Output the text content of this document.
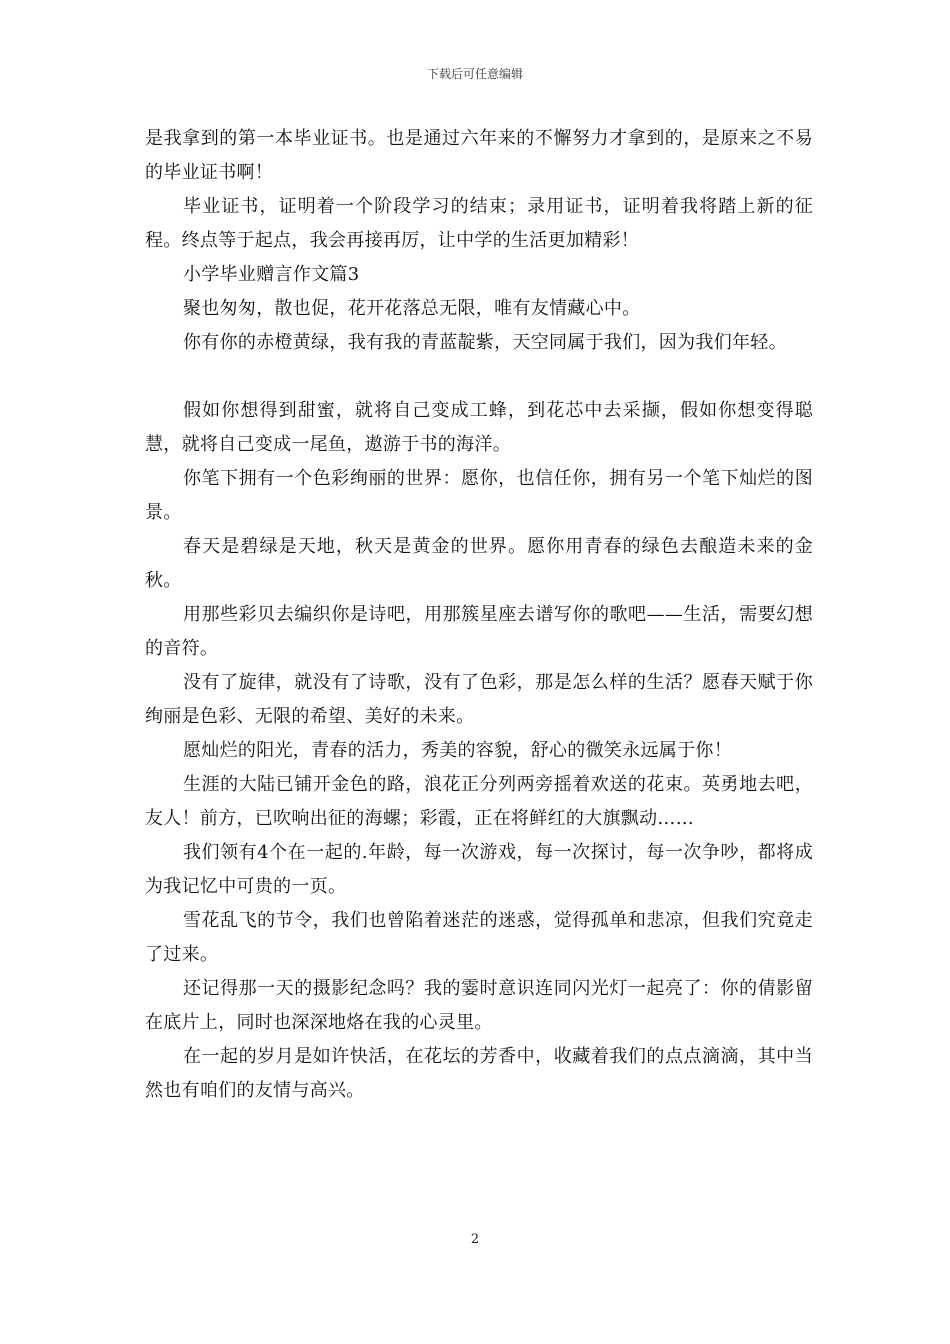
下载后可任意编辑

是我拿到的第一本毕业证书。也是通过六年来的不懈努力才拿到的，是原来之不易的毕业证书啊！

毕业证书，证明着一个阶段学习的结束；录用证书，证明着我将踏上新的征程。终点等于起点，我会再接再厉，让中学的生活更加精彩！

小学毕业赠言作文篇3

聚也匆匆，散也促，花开花落总无限，唯有友情藏心中。

你有你的赤橙黄绿，我有我的青蓝靛紫，天空同属于我们，因为我们年轻。

假如你想得到甜蜜，就将自己变成工蜂，到花芯中去采撷，假如你想变得聪慧，就将自己变成一尾鱼，遨游于书的海洋。

你笔下拥有一个色彩绚丽的世界：愿你，也信任你，拥有另一个笔下灿烂的图景。

春天是碧绿是天地，秋天是黄金的世界。愿你用青春的绿色去酿造未来的金秋。

用那些彩贝去编织你是诗吧，用那簇星座去谱写你的歌吧——生活，需要幻想的音符。

没有了旋律，就没有了诗歌，没有了色彩，那是怎么样的生活？愿春天赋于你绚丽是色彩、无限的希望、美好的未来。

愿灿烂的阳光，青春的活力，秀美的容貌，舒心的微笑永远属于你！

生涯的大陆已铺开金色的路，浪花正分列两旁摇着欢送的花束。英勇地去吧，友人！前方，已吹响出征的海螺；彩霞，正在将鲜红的大旗飘动……

我们领有4个在一起的.年龄，每一次游戏，每一次探讨，每一次争吵，都将成为我记忆中可贵的一页。

雪花乱飞的节令，我们也曾陷着迷茫的迷惑，觉得孤单和悲凉，但我们究竟走了过来。

还记得那一天的摄影纪念吗？我的霎时意识连同闪光灯一起亮了：你的倩影留在底片上，同时也深深地烙在我的心灵里。

在一起的岁月是如许快活，在花坛的芳香中，收藏着我们的点点滴滴，其中当然也有咱们的友情与高兴。

2
